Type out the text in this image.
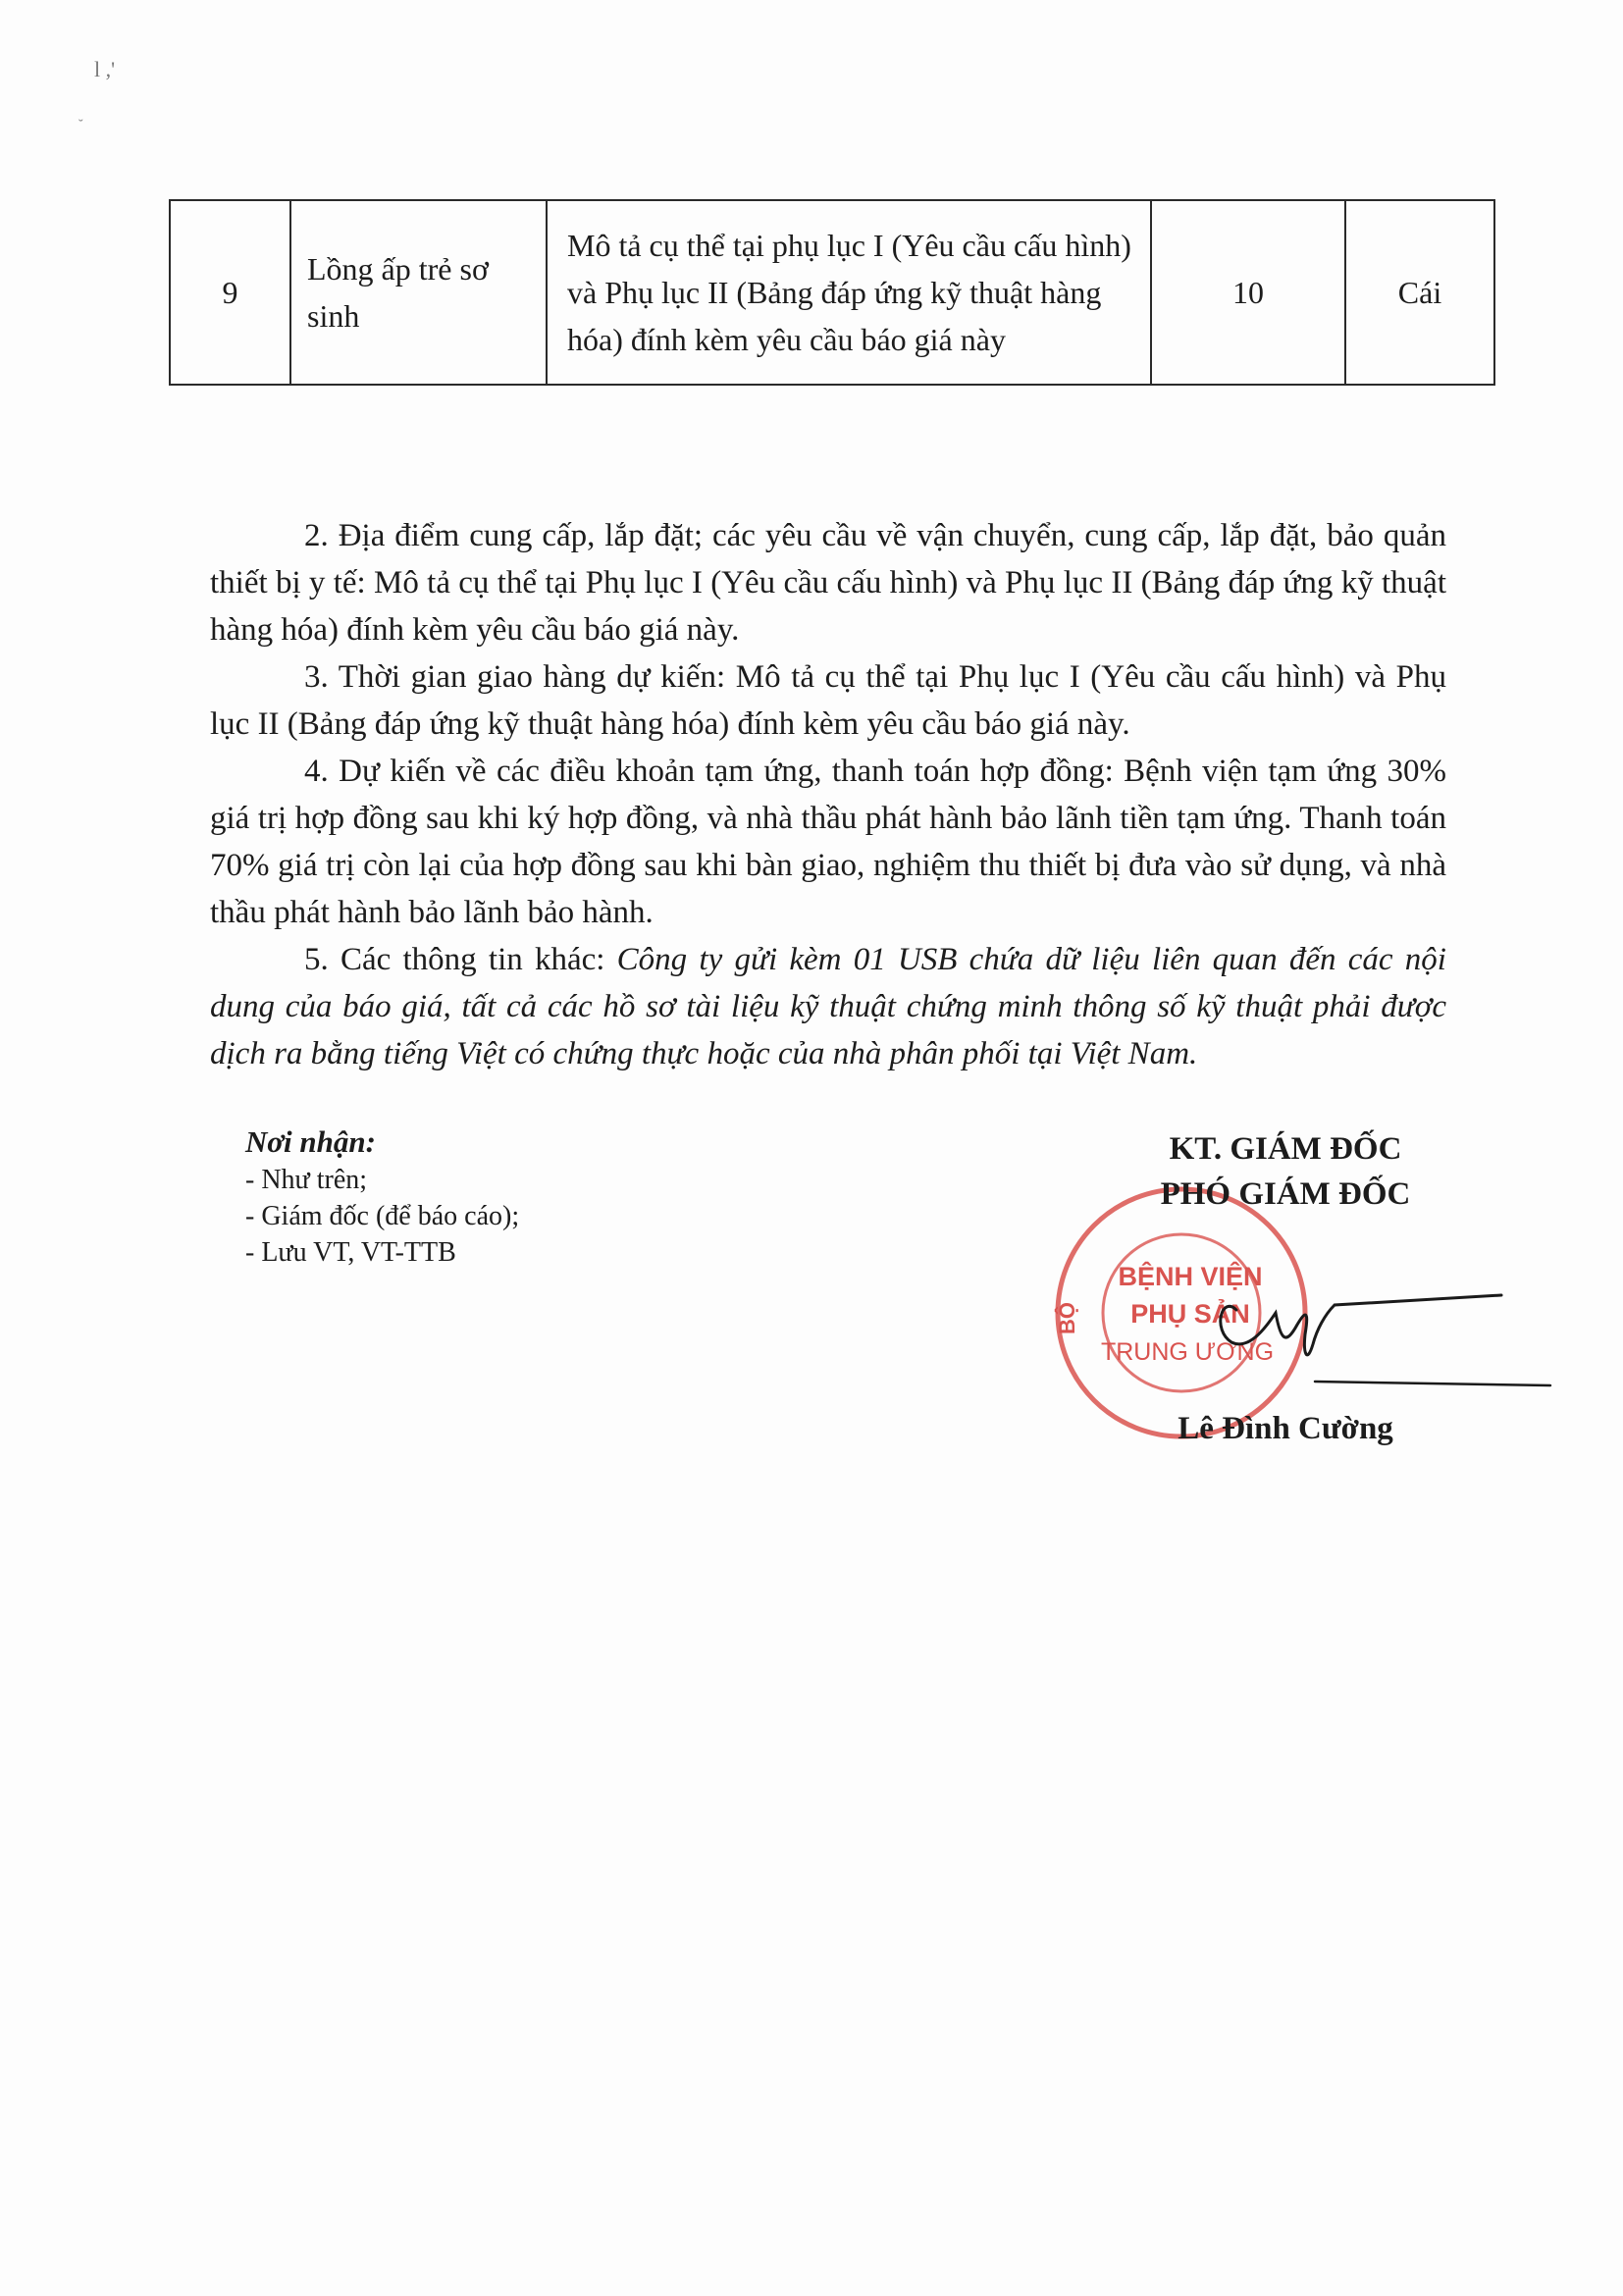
l ,'
˘
9	Lồng ấp trẻ sơ sinh	Mô tả cụ thể tại phụ lục I (Yêu cầu cấu hình) và Phụ lục II (Bảng đáp ứng kỹ thuật hàng hóa) đính kèm yêu cầu báo giá này	10	Cái

2. Địa điểm cung cấp, lắp đặt; các yêu cầu về vận chuyển, cung cấp, lắp đặt, bảo quản thiết bị y tế: Mô tả cụ thể tại Phụ lục I (Yêu cầu cấu hình) và Phụ lục II (Bảng đáp ứng kỹ thuật hàng hóa) đính kèm yêu cầu báo giá này.

3. Thời gian giao hàng dự kiến: Mô tả cụ thể tại Phụ lục I (Yêu cầu cấu hình) và Phụ lục II (Bảng đáp ứng kỹ thuật hàng hóa) đính kèm yêu cầu báo giá này.

4. Dự kiến về các điều khoản tạm ứng, thanh toán hợp đồng: Bệnh viện tạm ứng 30% giá trị hợp đồng sau khi ký hợp đồng, và nhà thầu phát hành bảo lãnh tiền tạm ứng. Thanh toán 70% giá trị còn lại của hợp đồng sau khi bàn giao, nghiệm thu thiết bị đưa vào sử dụng, và nhà thầu phát hành bảo lãnh bảo hành.

5. Các thông tin khác: Công ty gửi kèm 01 USB chứa dữ liệu liên quan đến các nội dung của báo giá, tất cả các hồ sơ tài liệu kỹ thuật chứng minh thông số kỹ thuật phải được dịch ra bằng tiếng Việt có chứng thực hoặc của nhà phân phối tại Việt Nam.

Nơi nhận:
- Như trên;
- Giám đốc (để báo cáo);
- Lưu VT, VT-TTB
BỆNH VIỆN
PHỤ SẢN
TRUNG ƯƠNG
BỘ
KT. GIÁM ĐỐC
PHÓ GIÁM ĐỐC
Lê Đình Cường
